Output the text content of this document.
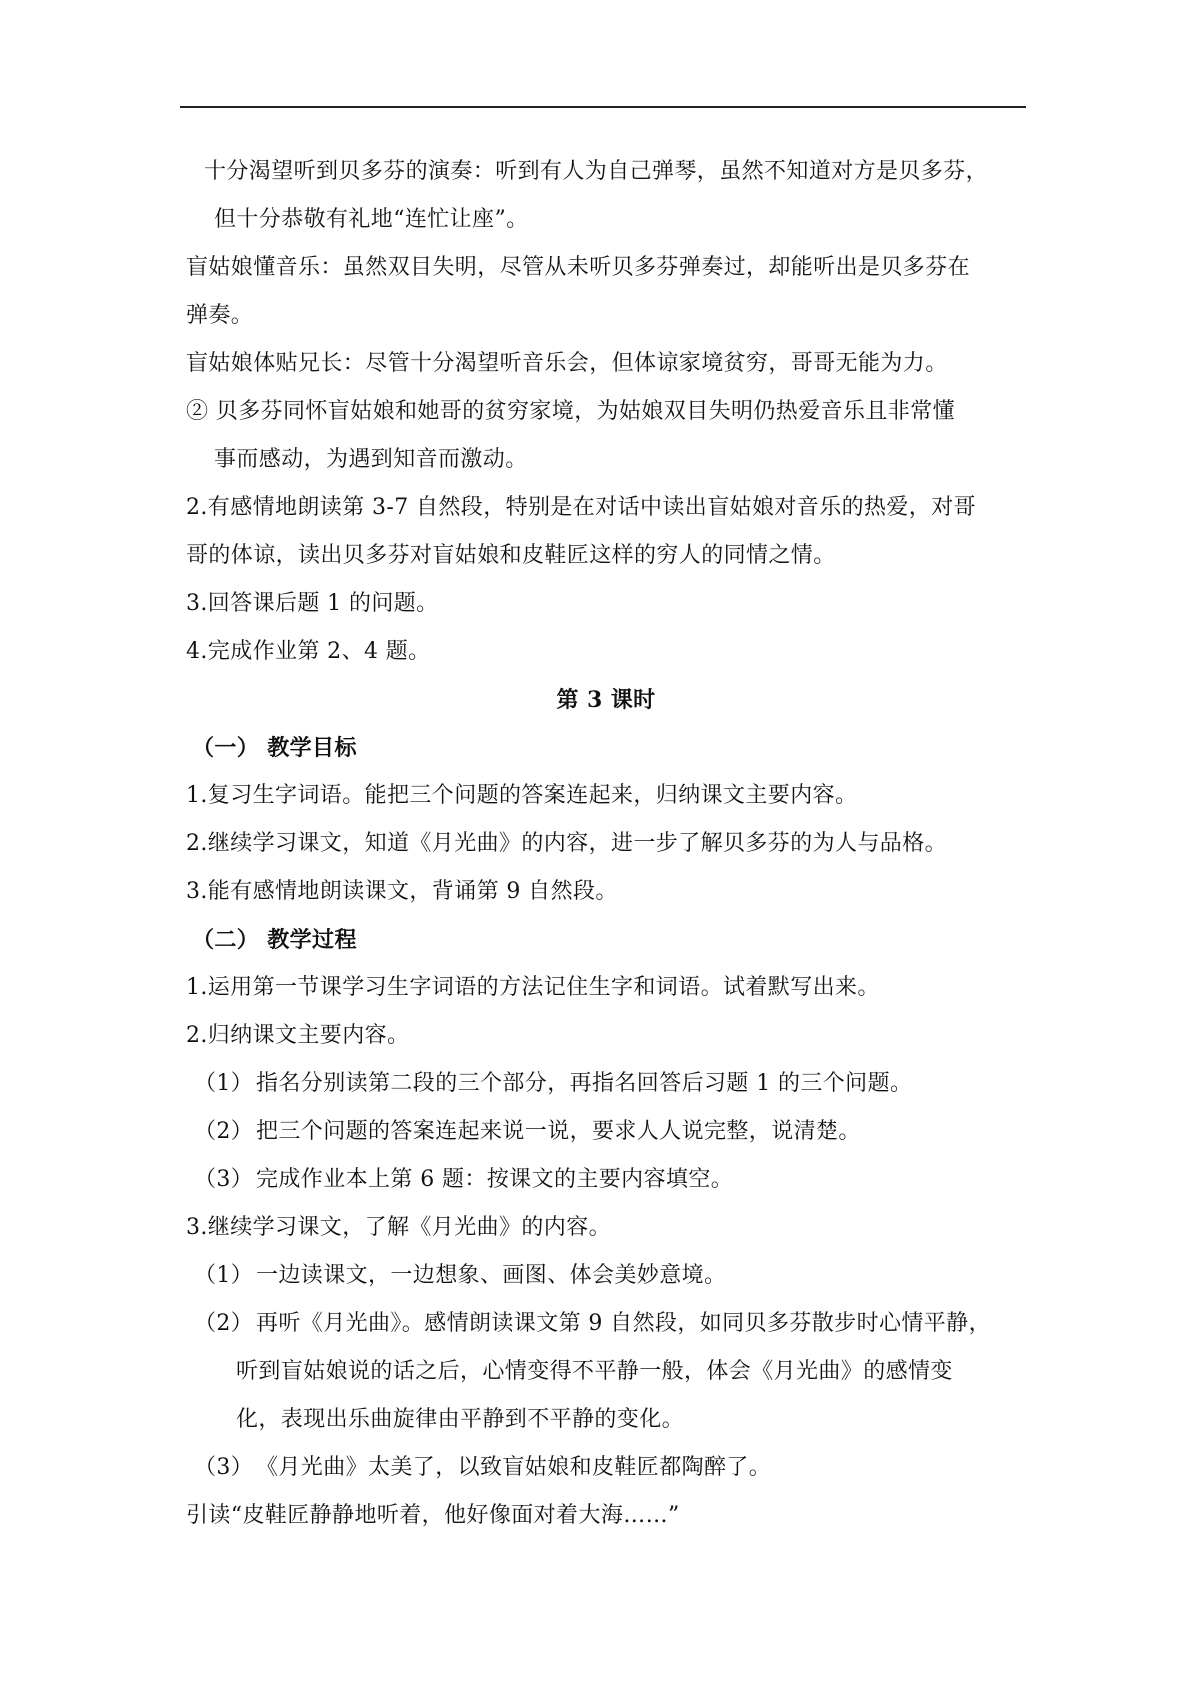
十分渴望听到贝多芬的演奏：听到有人为自己弹琴，虽然不知道对方是贝多芬，
但十分恭敬有礼地“连忙让座”。
盲姑娘懂音乐：虽然双目失明，尽管从未听贝多芬弹奏过，却能听出是贝多芬在
弹奏。
盲姑娘体贴兄长：尽管十分渴望听音乐会，但体谅家境贫穷，哥哥无能为力。
② 贝多芬同怀盲姑娘和她哥的贫穷家境，为姑娘双目失明仍热爱音乐且非常懂
事而感动，为遇到知音而激动。
2.有感情地朗读第 3-7 自然段，特别是在对话中读出盲姑娘对音乐的热爱，对哥
哥的体谅，读出贝多芬对盲姑娘和皮鞋匠这样的穷人的同情之情。
3.回答课后题 1 的问题。
4.完成作业第 2、4 题。
第 3 课时
（一） 教学目标
1.复习生字词语。能把三个问题的答案连起来，归纳课文主要内容。
2.继续学习课文，知道《月光曲》的内容，进一步了解贝多芬的为人与品格。
3.能有感情地朗读课文，背诵第 9 自然段。
（二） 教学过程
1.运用第一节课学习生字词语的方法记住生字和词语。试着默写出来。
2.归纳课文主要内容。
（1） 指名分别读第二段的三个部分，再指名回答后习题 1 的三个问题。
（2） 把三个问题的答案连起来说一说，要求人人说完整，说清楚。
（3） 完成作业本上第 6 题：按课文的主要内容填空。
3.继续学习课文，了解《月光曲》的内容。
（1） 一边读课文，一边想象、画图、体会美妙意境。
（2） 再听《月光曲》。感情朗读课文第 9 自然段，如同贝多芬散步时心情平静，
听到盲姑娘说的话之后，心情变得不平静一般，体会《月光曲》的感情变
化，表现出乐曲旋律由平静到不平静的变化。
（3） 《月光曲》太美了，以致盲姑娘和皮鞋匠都陶醉了。
引读“皮鞋匠静静地听着，他好像面对着大海……”
